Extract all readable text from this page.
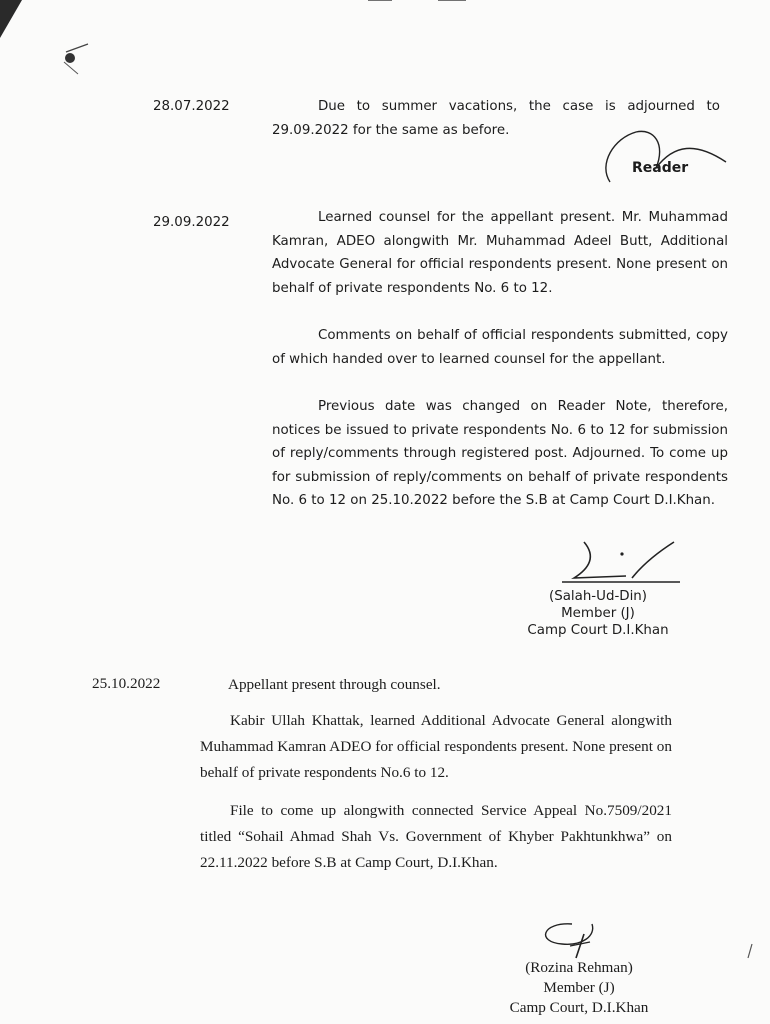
28.07.2022	Due to summer vacations, the case is adjourned to 29.09.2022 for the same as before.

Reader
29.09.2022	Learned counsel for the appellant present. Mr. Muhammad Kamran, ADEO alongwith Mr. Muhammad Adeel Butt, Additional Advocate General for official respondents present. None present on behalf of private respondents No. 6 to 12.

Comments on behalf of official respondents submitted, copy of which handed over to learned counsel for the appellant.

Previous date was changed on Reader Note, therefore, notices be issued to private respondents No. 6 to 12 for submission of reply/comments through registered post. Adjourned. To come up for submission of reply/comments on behalf of private respondents No. 6 to 12 on 25.10.2022 before the S.B at Camp Court D.I.Khan.

(Salah-Ud-Din)
Member (J)
Camp Court D.I.Khan
25.10.2022	Appellant present through counsel.

Kabir Ullah Khattak, learned Additional Advocate General alongwith Muhammad Kamran ADEO for official respondents present. None present on behalf of private respondents No.6 to 12.

File to come up alongwith connected Service Appeal No.7509/2021 titled “Sohail Ahmad Shah Vs. Government of Khyber Pakhtunkhwa” on 22.11.2022 before S.B at Camp Court, D.I.Khan.

(Rozina Rehman)
Member (J)
Camp Court, D.I.Khan
